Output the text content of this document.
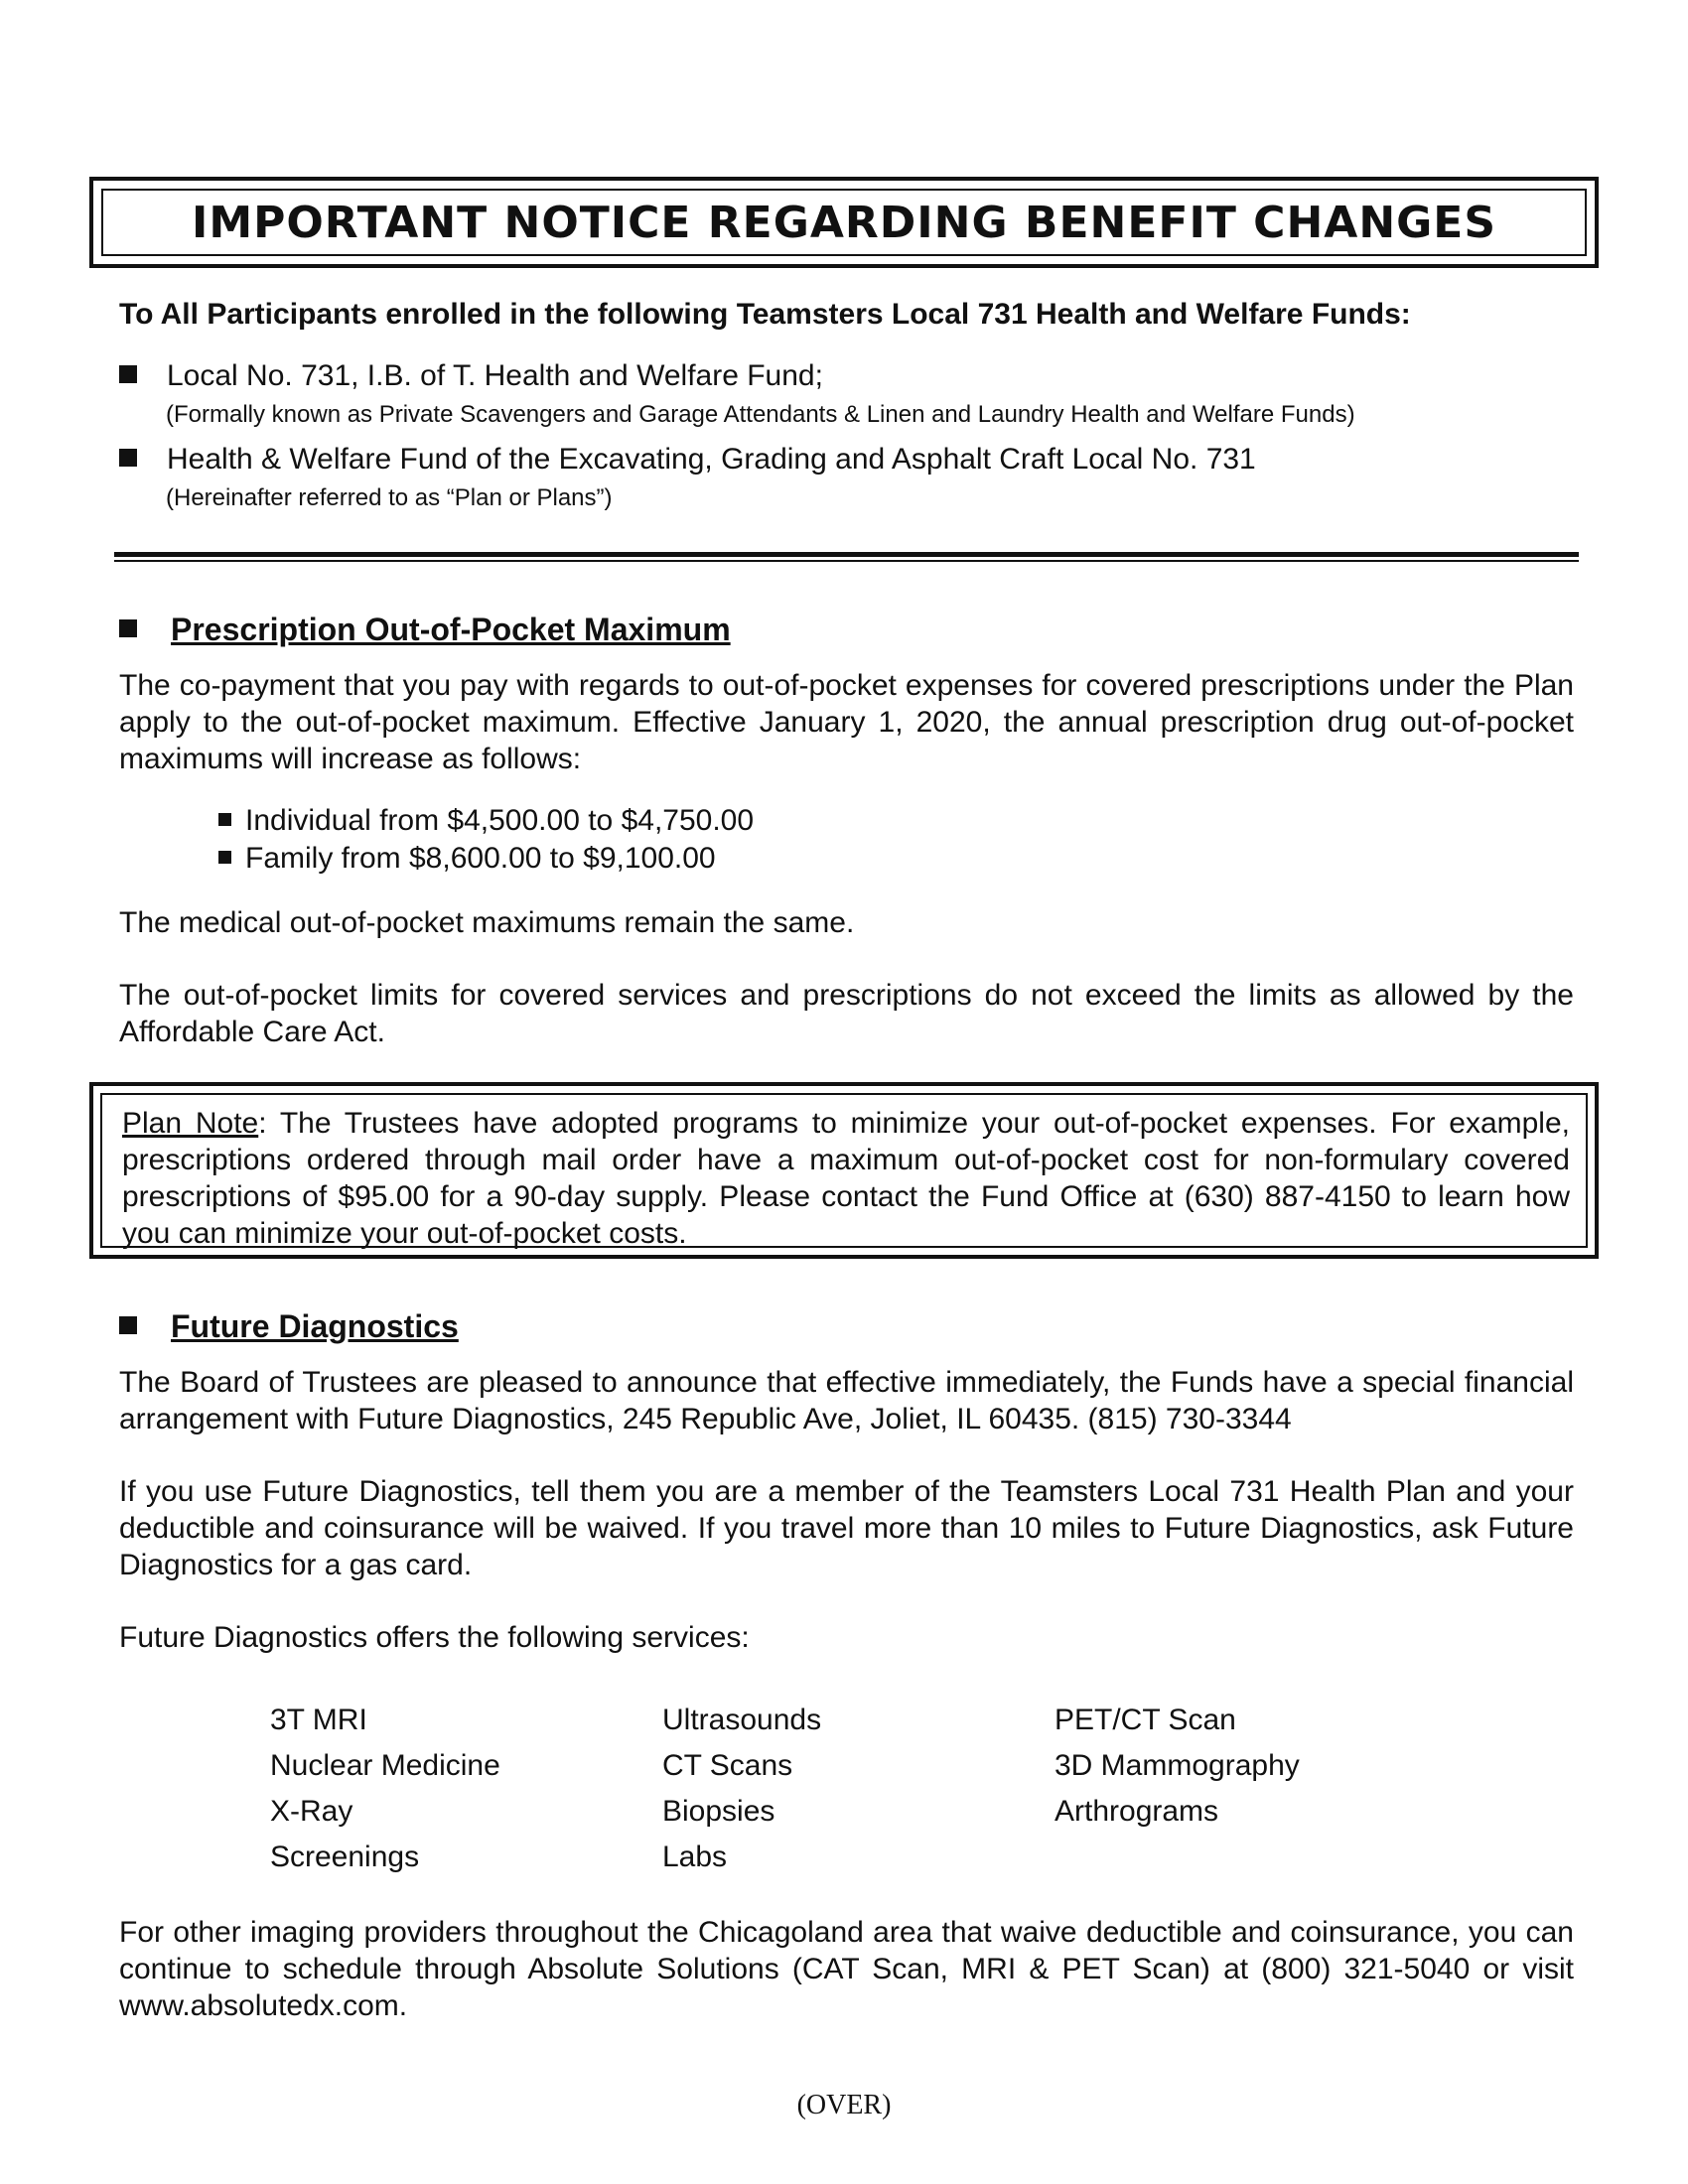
IMPORTANT NOTICE REGARDING BENEFIT CHANGES
To All Participants enrolled in the following Teamsters Local 731 Health and Welfare Funds:
Local No. 731, I.B. of T. Health and Welfare Fund;
(Formally known as Private Scavengers and Garage Attendants & Linen and Laundry Health and Welfare Funds)
Health & Welfare Fund of the Excavating, Grading and Asphalt Craft Local No. 731
(Hereinafter referred to as “Plan or Plans”)
Prescription Out-of-Pocket Maximum
The co-payment that you pay with regards to out-of-pocket expenses for covered prescriptions under the Plan apply to the out-of-pocket maximum. Effective January 1, 2020, the annual prescription drug out-of-pocket maximums will increase as follows:
Individual from $4,500.00 to $4,750.00
Family from $8,600.00 to $9,100.00
The medical out-of-pocket maximums remain the same.
The out-of-pocket limits for covered services and prescriptions do not exceed the limits as allowed by the Affordable Care Act.
Plan Note: The Trustees have adopted programs to minimize your out-of-pocket expenses. For example, prescriptions ordered through mail order have a maximum out-of-pocket cost for non-formulary covered prescriptions of $95.00 for a 90-day supply. Please contact the Fund Office at (630) 887-4150 to learn how you can minimize your out-of-pocket costs.
Future Diagnostics
The Board of Trustees are pleased to announce that effective immediately, the Funds have a special financial arrangement with Future Diagnostics, 245 Republic Ave, Joliet, IL 60435. (815) 730-3344
If you use Future Diagnostics, tell them you are a member of the Teamsters Local 731 Health Plan and your deductible and coinsurance will be waived. If you travel more than 10 miles to Future Diagnostics, ask Future Diagnostics for a gas card.
Future Diagnostics offers the following services:
3T MRI	Ultrasounds	PET/CT Scan
Nuclear Medicine	CT Scans	3D Mammography
X-Ray	Biopsies	Arthrograms
Screenings	Labs
For other imaging providers throughout the Chicagoland area that waive deductible and coinsurance, you can continue to schedule through Absolute Solutions (CAT Scan, MRI & PET Scan) at (800) 321-5040 or visit www.absolutedx.com.
(OVER)
